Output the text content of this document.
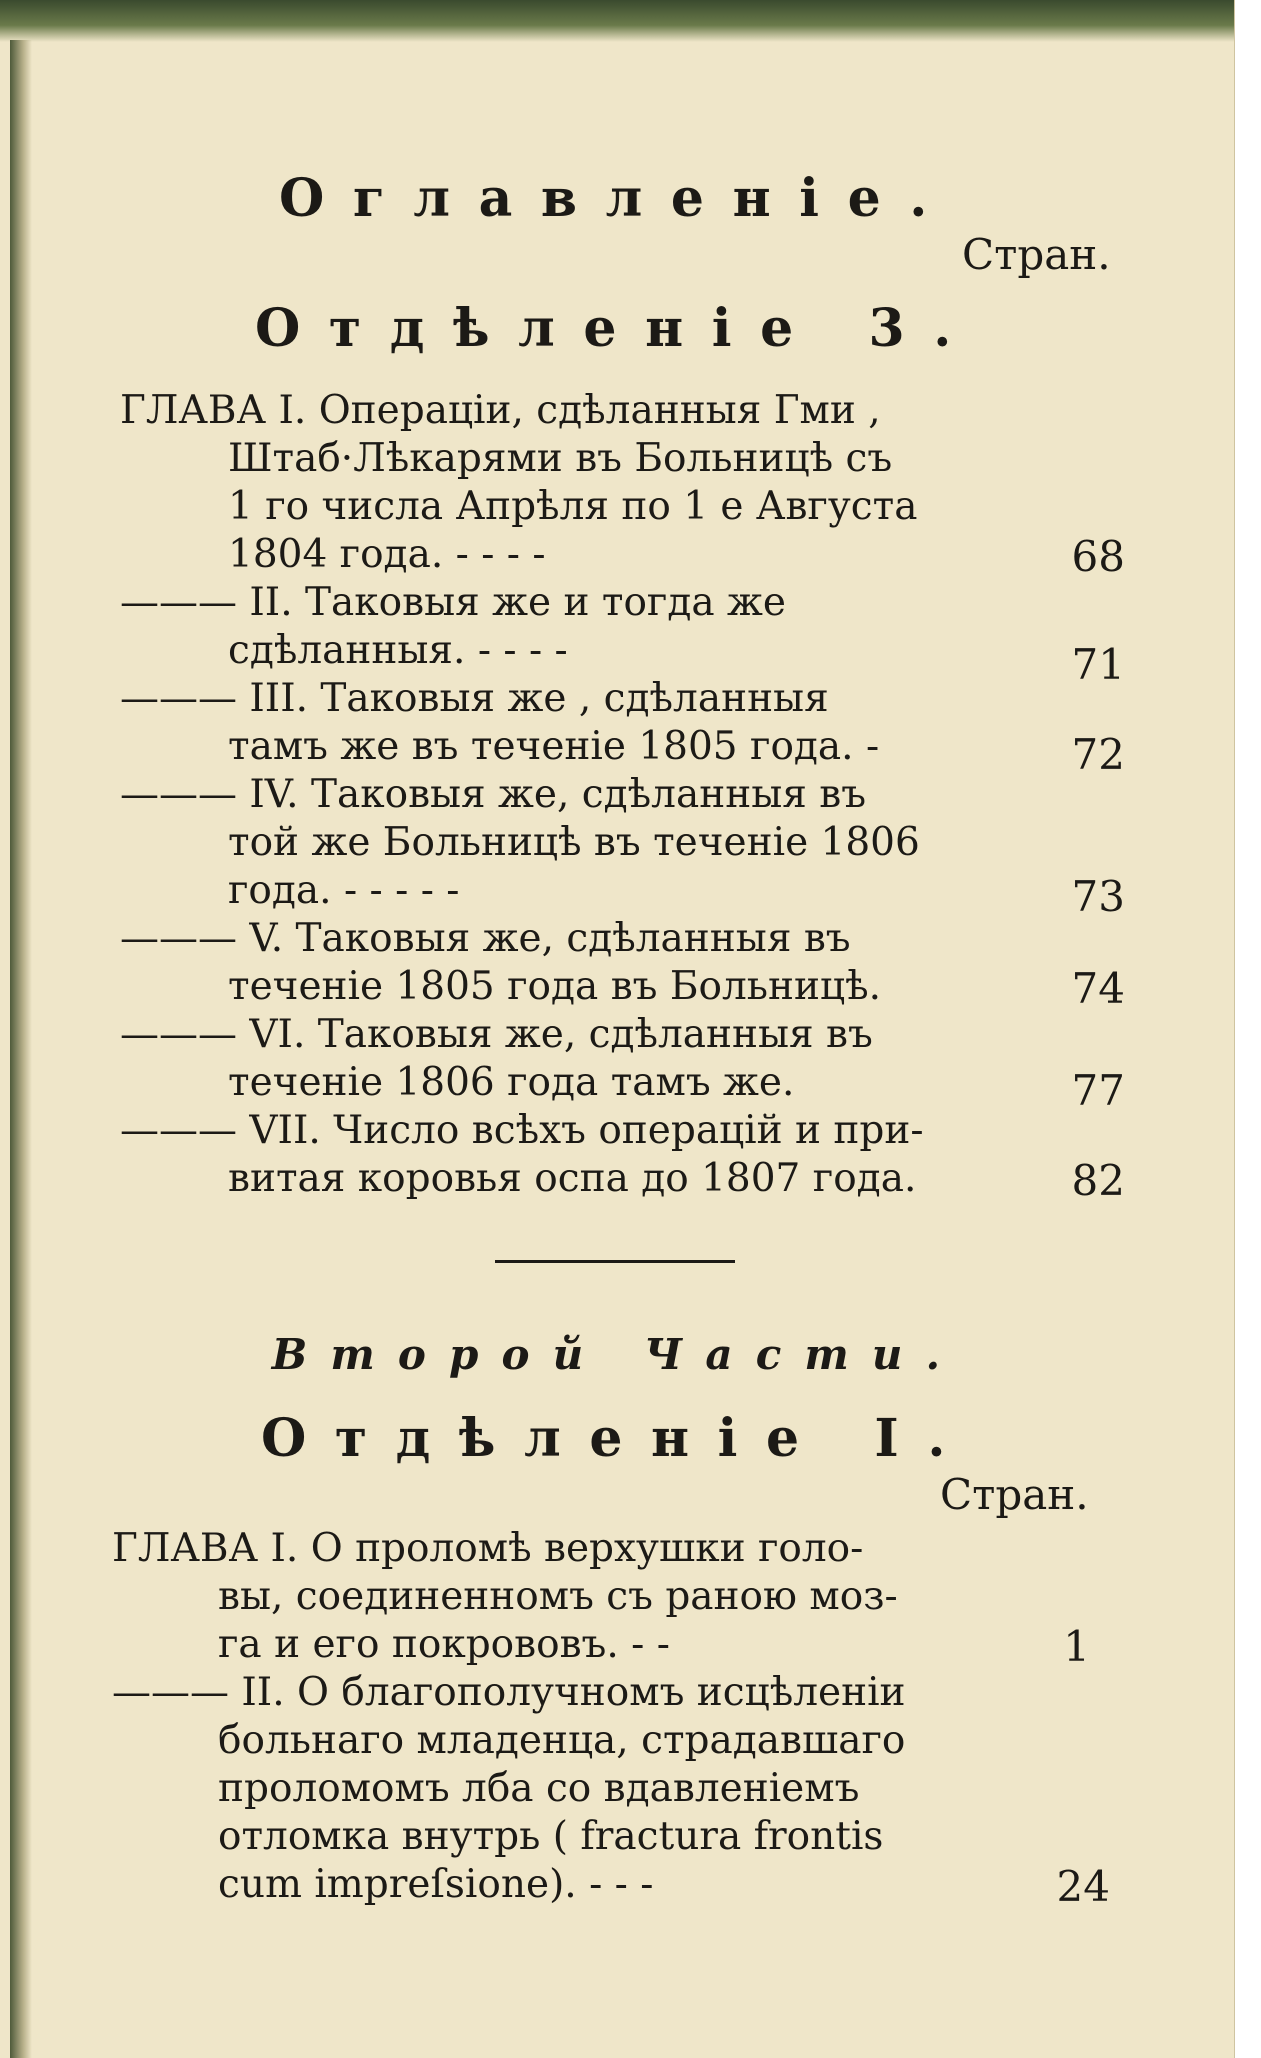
Оглавленіе.
Стран.
Отдѣленіе 3.
ГЛАВА I. Операціи, сдѣланныя Гми ,
Штаб·Лѣкарями въ Больницѣ съ
1 го числа Апрѣля по 1 е Августа
1804 года. - - - -	68
——— II. Таковыя же и тогда же
сдѣланныя. - - - -	71
——— III. Таковыя же , сдѣланныя
тамъ же въ теченіе 1805 года. -	72
——— IV. Таковыя же, сдѣланныя въ
той же Больницѣ въ теченіе 1806
года. - - - - -	73
——— V. Таковыя же, сдѣланныя въ
теченіе 1805 года въ Больницѣ.	74
——— VI. Таковыя же, сдѣланныя въ
теченіе 1806 года тамъ же.	77
——— VII. Число всѣхъ операцій и при-
витая коровья оспа до 1807 года.	82
Второй Части.
Отдѣленіе I.
Стран.
ГЛАВА I. О проломѣ верхушки голо-
вы, соединенномъ съ раною моз-
га и его покрововъ. - -	1
——— II. О благополучномъ исцѣленіи
больнаго младенца, страдавшаго
проломомъ лба со вдавленіемъ
отломка внутрь ( fractura frontis
cum impreſsione). - - -	24
